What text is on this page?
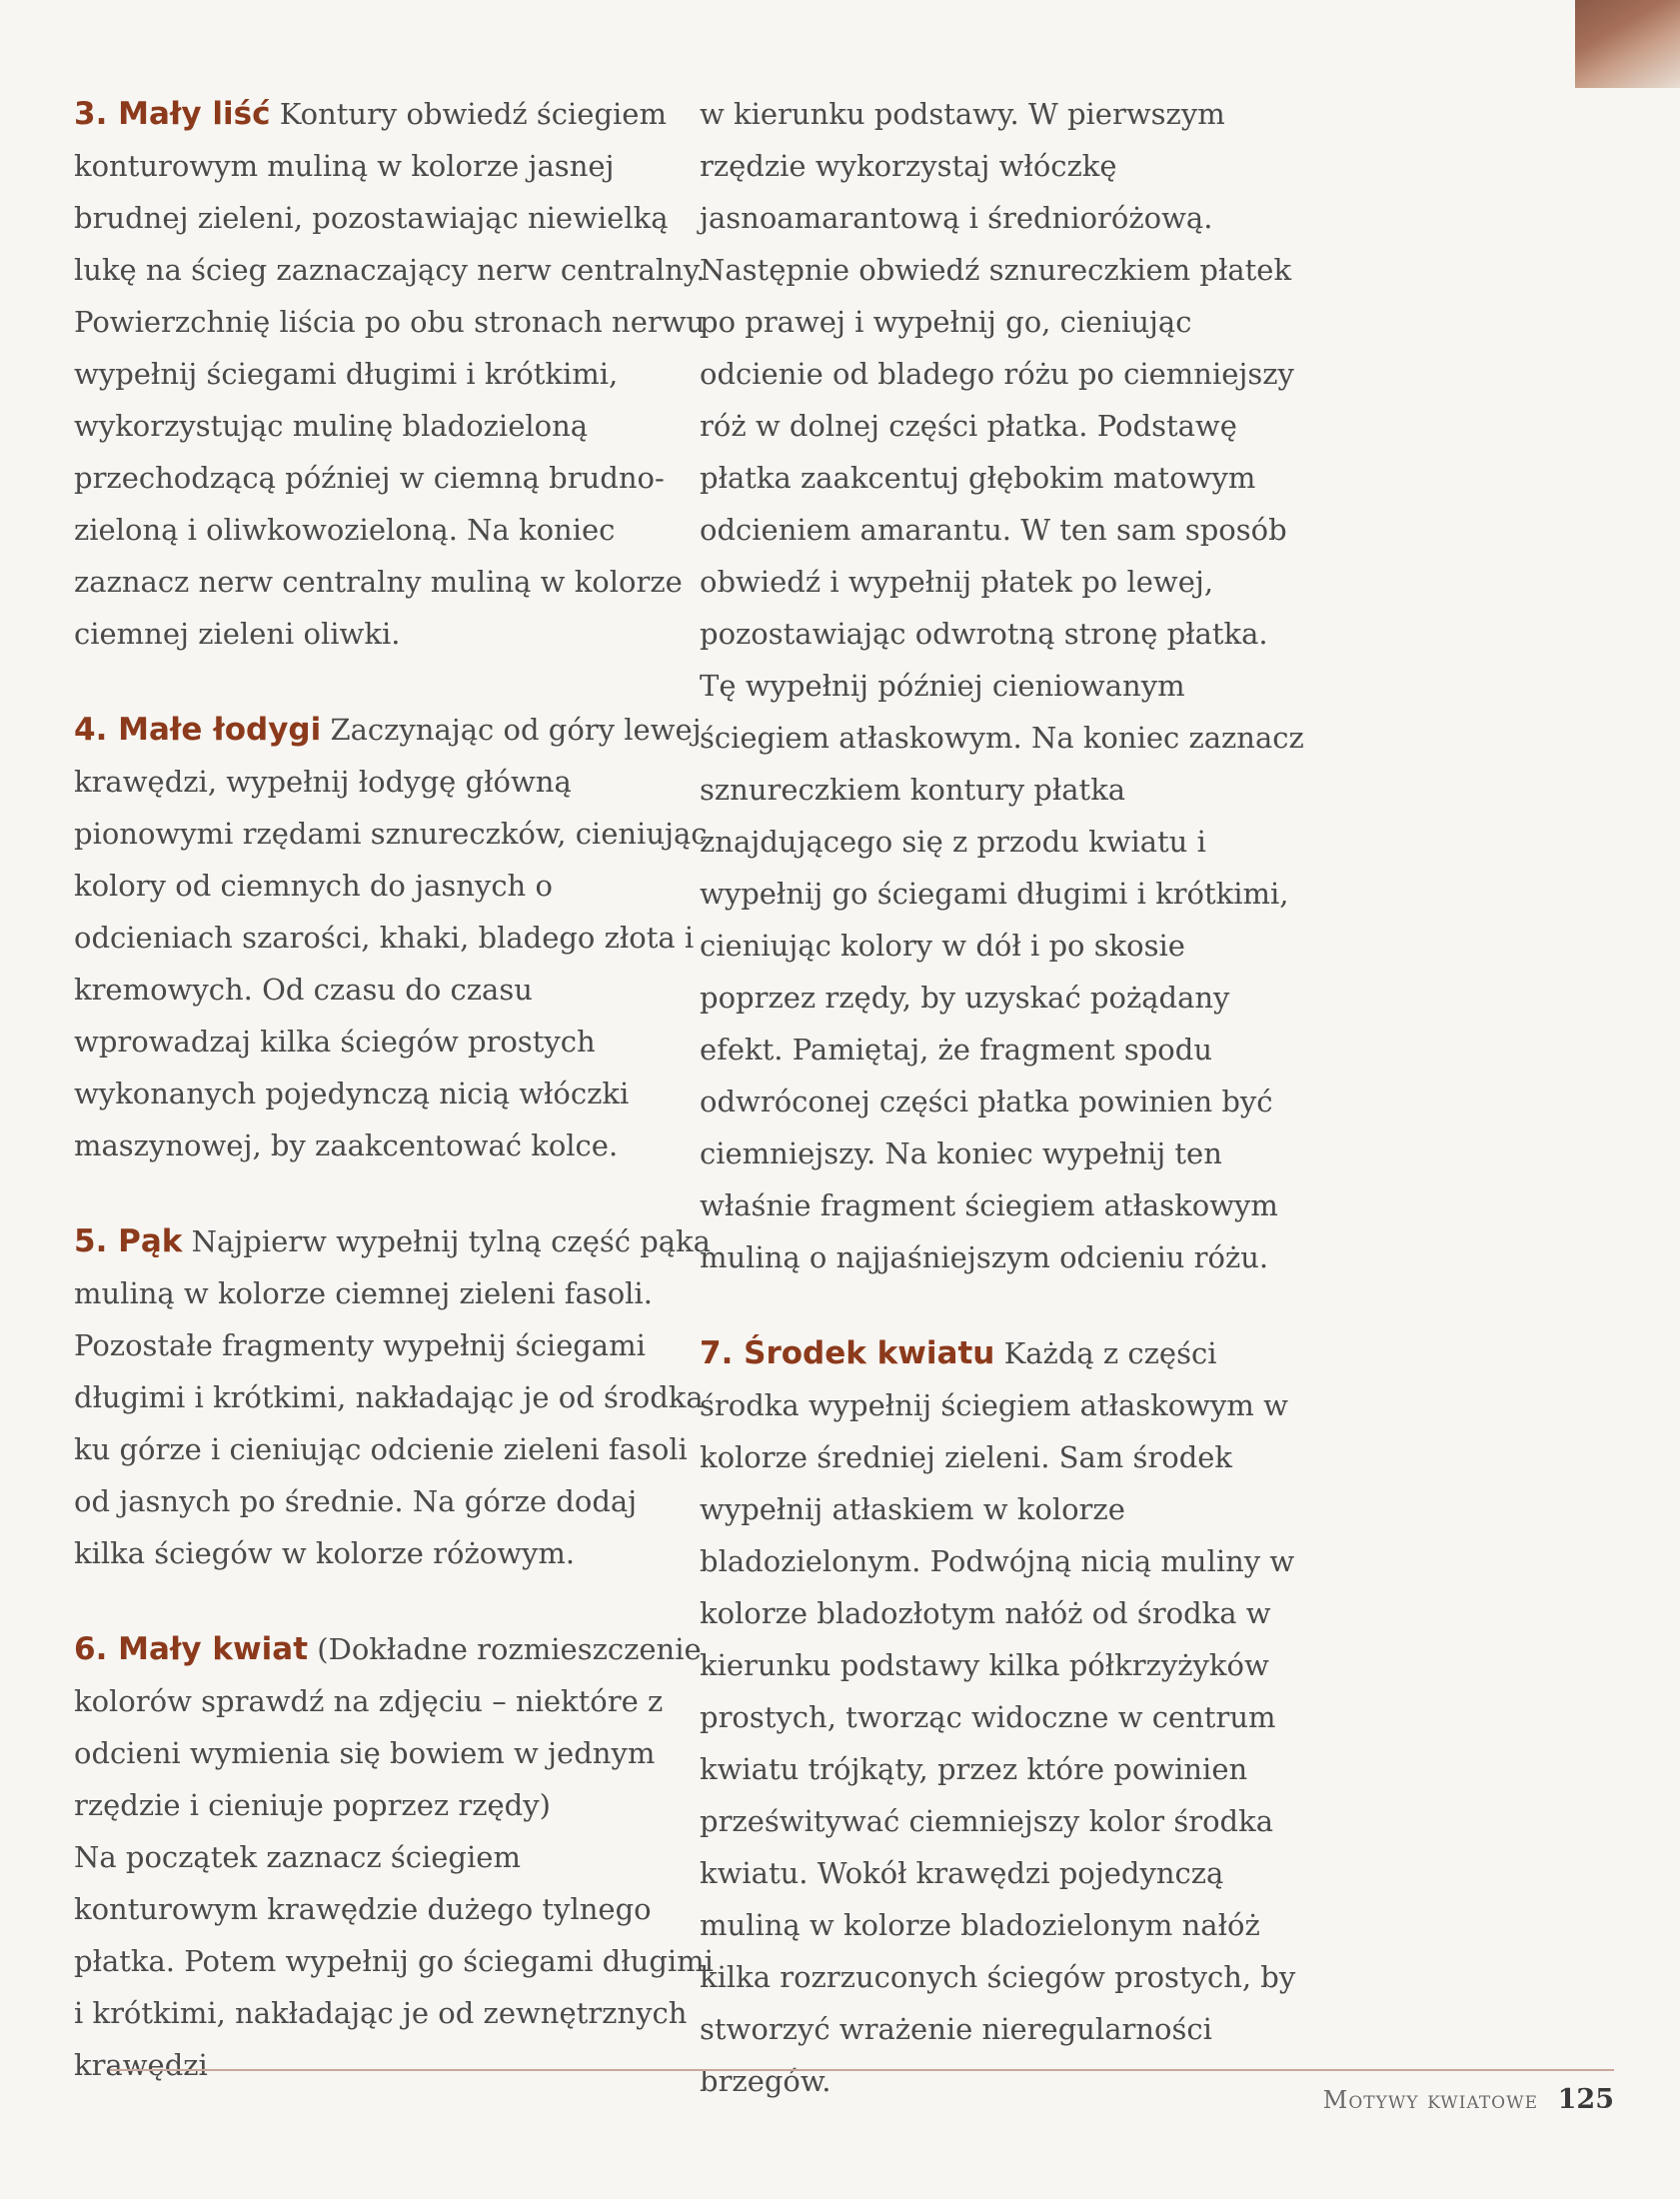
3. Mały liść Kontury obwiedź ściegiem konturowym muliną w kolorze jasnej brudnej zieleni, pozostawiając niewielką lukę na ścieg zaznaczający nerw centralny. Powierzchnię liścia po obu stronach nerwu wypełnij ściegami długimi i krótkimi, wykorzystując mulinę bladozieloną przechodzącą później w ciemną brudno-zieloną i oliwkowozieloną. Na koniec zaznacz nerw centralny muliną w kolorze ciemnej zieleni oliwki.

4. Małe łodygi Zaczynając od góry lewej krawędzi, wypełnij łodygę główną pionowymi rzędami sznureczków, cieniując kolory od ciemnych do jasnych o odcieniach szarości, khaki, bladego złota i kremowych. Od czasu do czasu wprowadzaj kilka ściegów prostych wykonanych pojedynczą nicią włóczki maszynowej, by zaakcentować kolce.

5. Pąk Najpierw wypełnij tylną część pąka muliną w kolorze ciemnej zieleni fasoli. Pozostałe fragmenty wypełnij ściegami długimi i krótkimi, nakładając je od środka ku górze i cieniując odcienie zieleni fasoli od jasnych po średnie. Na górze dodaj kilka ściegów w kolorze różowym.

6. Mały kwiat (Dokładne rozmieszczenie kolorów sprawdź na zdjęciu – niektóre z odcieni wymienia się bowiem w jednym rzędzie i cieniuje poprzez rzędy)

Na początek zaznacz ściegiem konturowym krawędzie dużego tylnego płatka. Potem wypełnij go ściegami długimi i krótkimi, nakładając je od zewnętrznych krawędzi

w kierunku podstawy. W pierwszym rzędzie wykorzystaj włóczkę jasnoamarantową i średnioróżową. Następnie obwiedź sznureczkiem płatek po prawej i wypełnij go, cieniując odcienie od bladego różu po ciemniejszy róż w dolnej części płatka. Podstawę płatka zaakcentuj głębokim matowym odcieniem amarantu. W ten sam sposób obwiedź i wypełnij płatek po lewej, pozostawiając odwrotną stronę płatka. Tę wypełnij później cieniowanym ściegiem atłaskowym. Na koniec zaznacz sznureczkiem kontury płatka znajdującego się z przodu kwiatu i wypełnij go ściegami długimi i krótkimi, cieniując kolory w dół i po skosie poprzez rzędy, by uzyskać pożądany efekt. Pamiętaj, że fragment spodu odwróconej części płatka powinien być ciemniejszy. Na koniec wypełnij ten właśnie fragment ściegiem atłaskowym muliną o najjaśniejszym odcieniu różu.

7. Środek kwiatu Każdą z części środka wypełnij ściegiem atłaskowym w kolorze średniej zieleni. Sam środek wypełnij atłaskiem w kolorze bladozielonym. Podwójną nicią muliny w kolorze bladozłotym nałóż od środka w kierunku podstawy kilka półkrzyżyków prostych, tworząc widoczne w centrum kwiatu trójkąty, przez które powinien prześwitywać ciemniejszy kolor środka kwiatu. Wokół krawędzi pojedynczą muliną w kolorze bladozielonym nałóż kilka rozrzuconych ściegów prostych, by stworzyć wrażenie nieregularności brzegów.

Motywy kwiatowe 125
